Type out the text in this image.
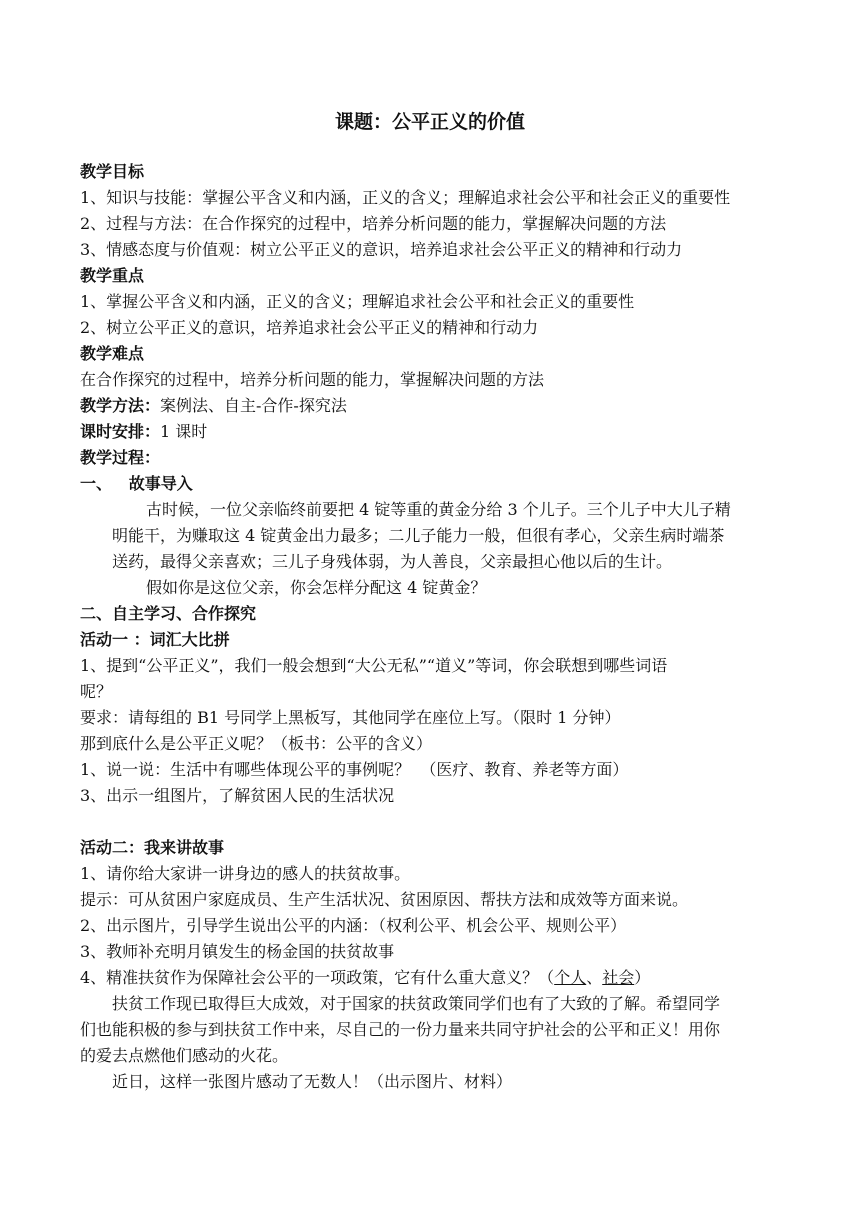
课题：公平正义的价值
教学目标
1、知识与技能：掌握公平含义和内涵，正义的含义；理解追求社会公平和社会正义的重要性
2、过程与方法：在合作探究的过程中，培养分析问题的能力，掌握解决问题的方法
3、情感态度与价值观：树立公平正义的意识，培养追求社会公平正义的精神和行动力
教学重点
1、掌握公平含义和内涵，正义的含义；理解追求社会公平和社会正义的重要性
2、树立公平正义的意识，培养追求社会公平正义的精神和行动力
教学难点
在合作探究的过程中，培养分析问题的能力，掌握解决问题的方法
教学方法：案例法、自主-合作-探究法
课时安排：1 课时
教学过程：
一、   故事导入
古时候，一位父亲临终前要把 4 锭等重的黄金分给 3 个儿子。三个儿子中大儿子精
明能干，为赚取这 4 锭黄金出力最多；二儿子能力一般，但很有孝心，父亲生病时端茶
送药，最得父亲喜欢；三儿子身残体弱，为人善良，父亲最担心他以后的生计。
假如你是这位父亲，你会怎样分配这 4 锭黄金？
二、自主学习、合作探究
活动一 ：词汇大比拼
1、提到“公平正义”，我们一般会想到“大公无私”“道义”等词，你会联想到哪些词语
呢？
要求：请每组的 B1 号同学上黑板写，其他同学在座位上写。（限时 1 分钟）
那到底什么是公平正义呢？（板书：公平的含义）
1、说一说：生活中有哪些体现公平的事例呢？  （医疗、教育、养老等方面）
3、出示一组图片，了解贫困人民的生活状况
活动二：我来讲故事
1、请你给大家讲一讲身边的感人的扶贫故事。
提示：可从贫困户家庭成员、生产生活状况、贫困原因、帮扶方法和成效等方面来说。
2、出示图片，引导学生说出公平的内涵：（权利公平、机会公平、规则公平）
3、教师补充明月镇发生的杨金国的扶贫故事
4、精准扶贫作为保障社会公平的一项政策，它有什么重大意义？（个人、社会）
扶贫工作现已取得巨大成效，对于国家的扶贫政策同学们也有了大致的了解。希望同学
们也能积极的参与到扶贫工作中来，尽自己的一份力量来共同守护社会的公平和正义！用你
的爱去点燃他们感动的火花。
近日，这样一张图片感动了无数人！（出示图片、材料）
